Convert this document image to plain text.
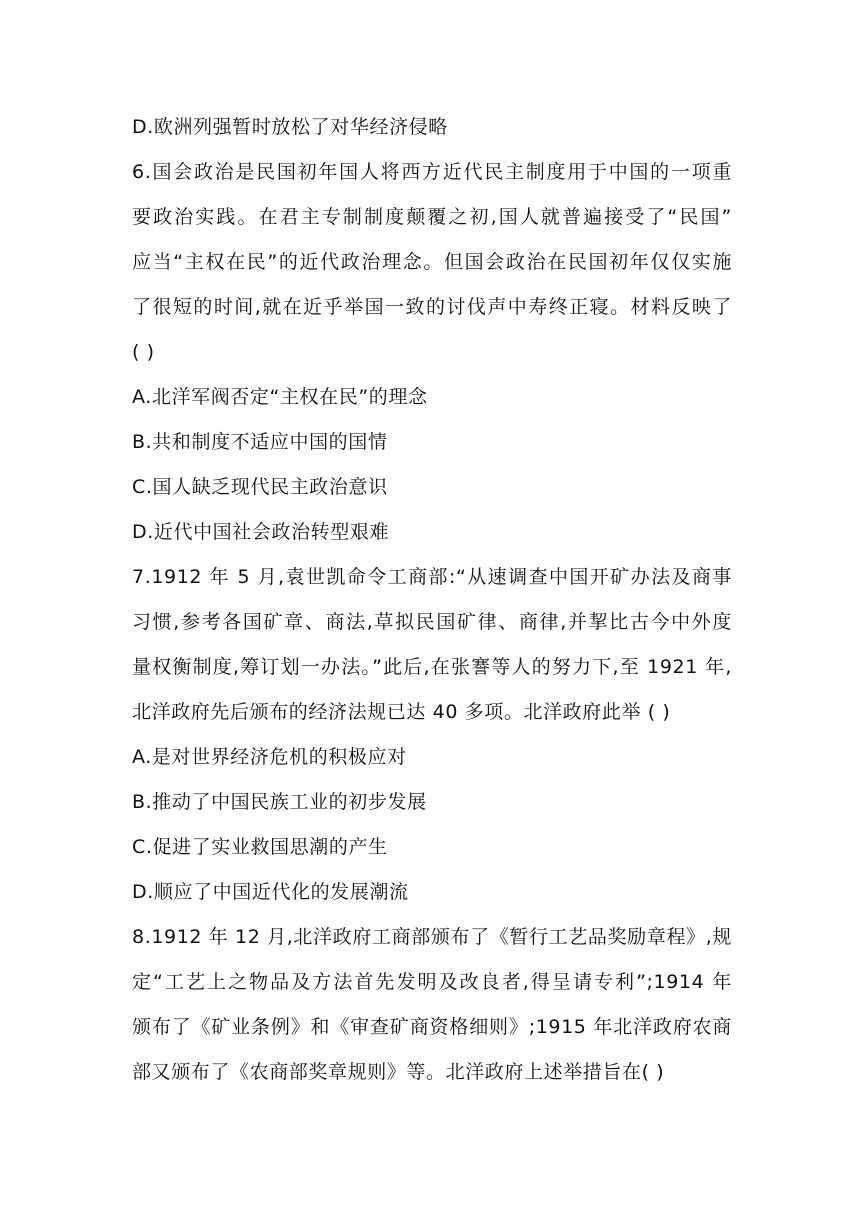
D.欧洲列强暂时放松了对华经济侵略

6.国会政治是民国初年国人将西方近代民主制度用于中国的一项重

要政治实践。在君主专制制度颠覆之初,国人就普遍接受了“民国”

应当“主权在民”的近代政治理念。但国会政治在民国初年仅仅实施

了很短的时间,就在近乎举国一致的讨伐声中寿终正寝。材料反映了

( )

A.北洋军阀否定“主权在民”的理念

B.共和制度不适应中国的国情

C.国人缺乏现代民主政治意识

D.近代中国社会政治转型艰难

7.1912 年 5 月,袁世凯命令工商部:“从速调查中国开矿办法及商事

习惯,参考各国矿章、商法,草拟民国矿律、商律,并挈比古今中外度

量权衡制度,筹订划一办法。”此后,在张謇等人的努力下,至 1921 年,

北洋政府先后颁布的经济法规已达 40 多项。北洋政府此举 ( )

A.是对世界经济危机的积极应对

B.推动了中国民族工业的初步发展

C.促进了实业救国思潮的产生

D.顺应了中国近代化的发展潮流

8.1912 年 12 月,北洋政府工商部颁布了《暂行工艺品奖励章程》,规

定“工艺上之物品及方法首先发明及改良者,得呈请专利”;1914 年

颁布了《矿业条例》和《审查矿商资格细则》;1915 年北洋政府农商

部又颁布了《农商部奖章规则》等。北洋政府上述举措旨在( )
